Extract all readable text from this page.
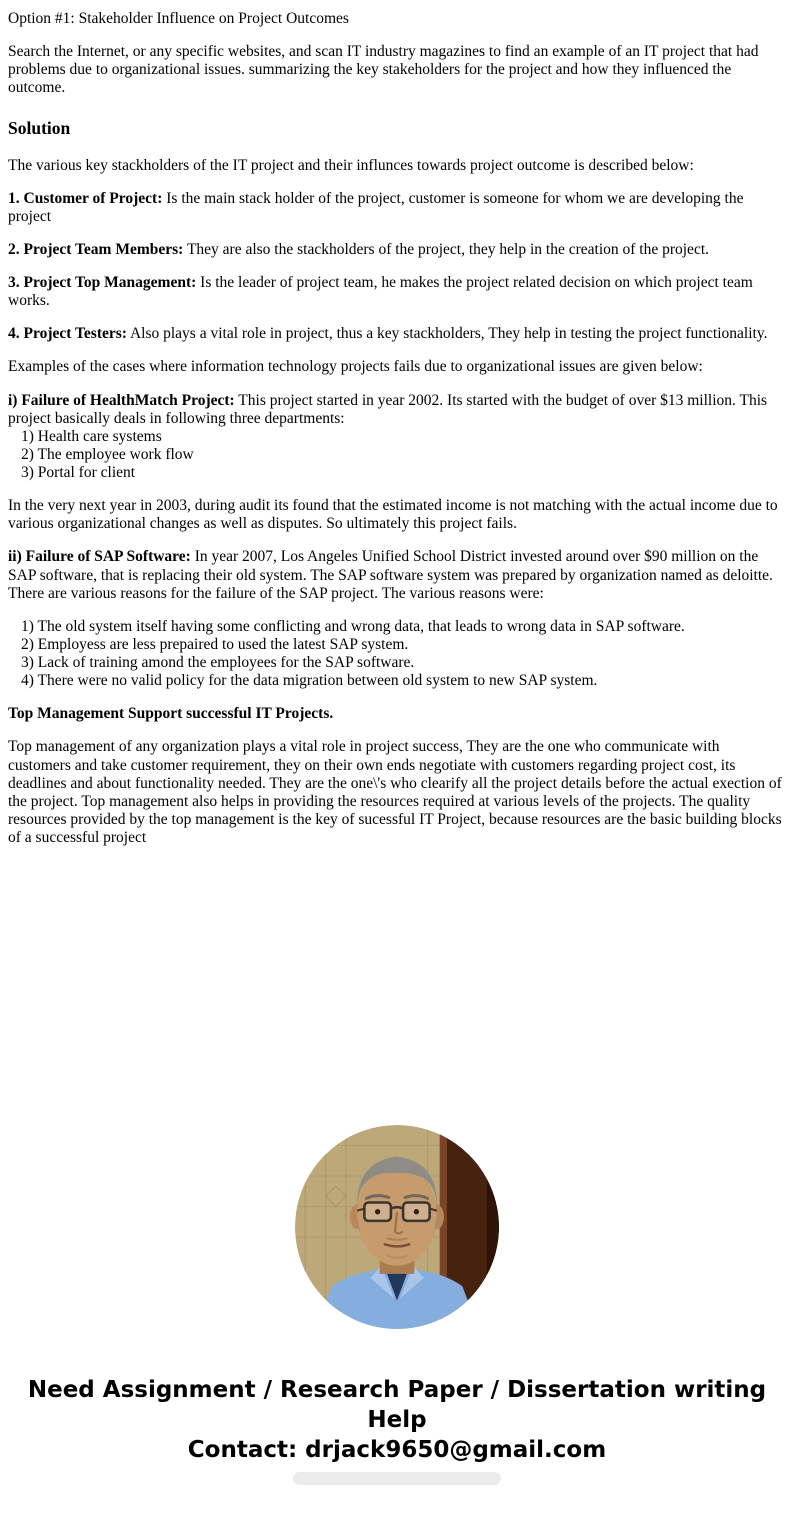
Option #1: Stakeholder Influence on Project Outcomes

Search the Internet, or any specific websites, and scan IT industry magazines to find an example of an IT project that had problems due to organizational issues. summarizing the key stakeholders for the project and how they influenced the outcome.

Solution

The various key stackholders of the IT project and their influnces towards project outcome is described below:

1. Customer of Project: Is the main stack holder of the project, customer is someone for whom we are developing the project

2. Project Team Members: They are also the stackholders of the project, they help in the creation of the project.

3. Project Top Management: Is the leader of project team, he makes the project related decision on which project team works.

4. Project Testers: Also plays a vital role in project, thus a key stackholders, They help in testing the project functionality.

Examples of the cases where information technology projects fails due to organizational issues are given below:

i) Failure of HealthMatch Project: This project started in year 2002. Its started with the budget of over $13 million. This project basically deals in following three departments:

1) Health care systems
2) The employee work flow
3) Portal for client

In the very next year in 2003, during audit its found that the estimated income is not matching with the actual income due to various organizational changes as well as disputes. So ultimately this project fails.

ii) Failure of SAP Software: In year 2007, Los Angeles Unified School District invested around over $90 million on the SAP software, that is replacing their old system. The SAP software system was prepared by organization named as deloitte. There are various reasons for the failure of the SAP project. The various reasons were:

1) The old system itself having some conflicting and wrong data, that leads to wrong data in SAP software.
2) Employess are less prepaired to used the latest SAP system.
3) Lack of training amond the employees for the SAP software.
4) There were no valid policy for the data migration between old system to new SAP system.

Top Management Support successful IT Projects.

Top management of any organization plays a vital role in project success, They are the one who communicate with customers and take customer requirement, they on their own ends negotiate with customers regarding project cost, its deadlines and about functionality needed. They are the one\'s who clearify all the project details before the actual exection of the project. Top management also helps in providing the resources required at various levels of the projects. The quality resources provided by the top management is the key of sucessful IT Project, because resources are the basic building blocks of a successful project

Need Assignment / Research Paper / Dissertation writing Help
Contact: drjack9650@gmail.com
